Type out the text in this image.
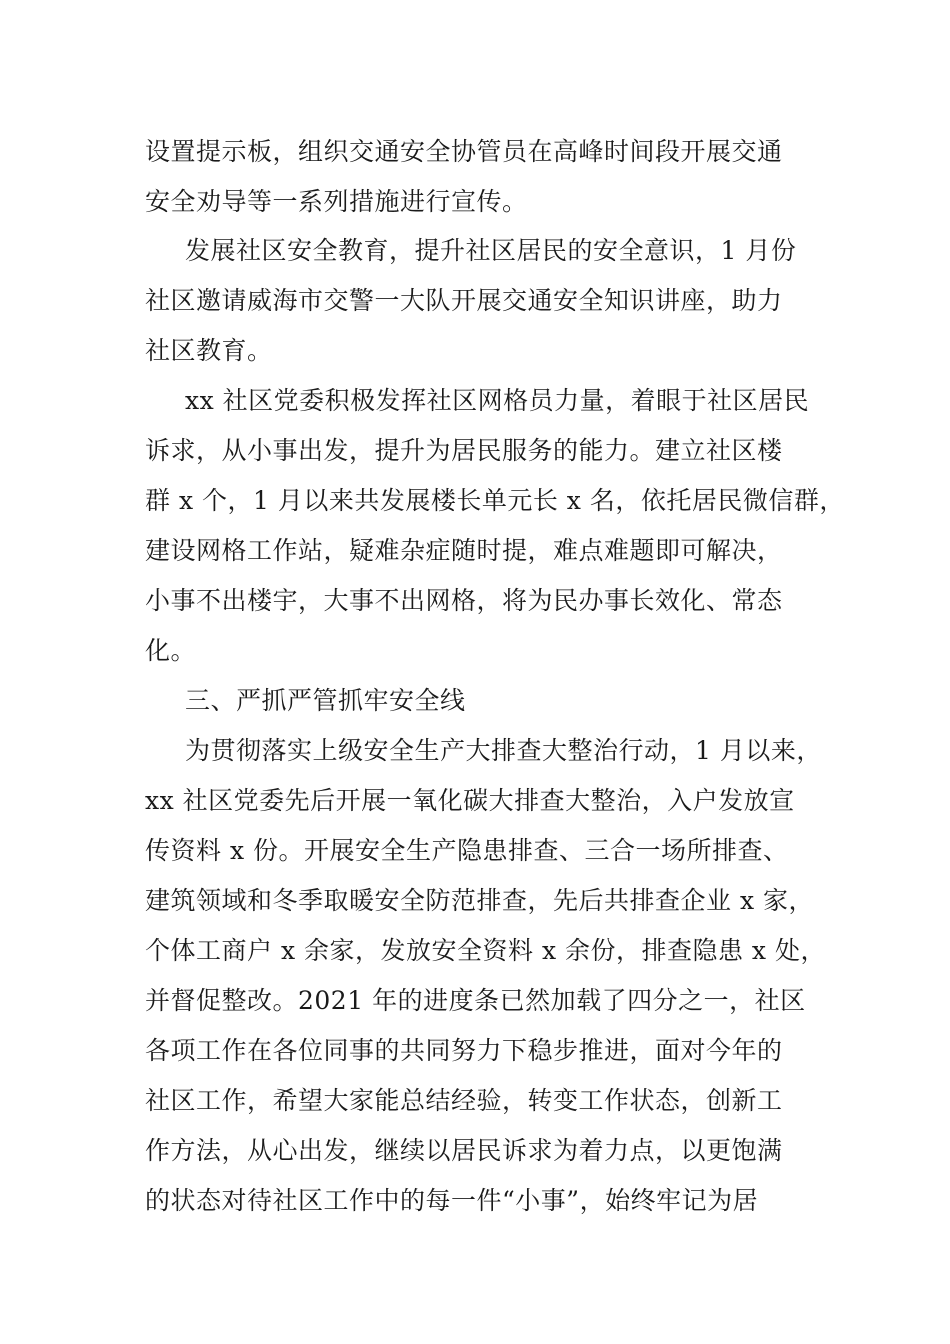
设置提示板，组织交通安全协管员在高峰时间段开展交通
安全劝导等一系列措施进行宣传。
发展社区安全教育，提升社区居民的安全意识，1 月份
社区邀请威海市交警一大队开展交通安全知识讲座，助力
社区教育。
xx 社区党委积极发挥社区网格员力量，着眼于社区居民
诉求，从小事出发，提升为居民服务的能力。建立社区楼
群 x 个，1 月以来共发展楼长单元长 x 名，依托居民微信群，
建设网格工作站，疑难杂症随时提，难点难题即可解决，
小事不出楼宇，大事不出网格，将为民办事长效化、常态
化。
三、严抓严管抓牢安全线
为贯彻落实上级安全生产大排查大整治行动，1 月以来，
xx 社区党委先后开展一氧化碳大排查大整治，入户发放宣
传资料 x 份。开展安全生产隐患排查、三合一场所排查、
建筑领域和冬季取暖安全防范排查，先后共排查企业 x 家，
个体工商户 x 余家，发放安全资料 x 余份，排查隐患 x 处，
并督促整改。2021 年的进度条已然加载了四分之一，社区
各项工作在各位同事的共同努力下稳步推进，面对今年的
社区工作，希望大家能总结经验，转变工作状态，创新工
作方法，从心出发，继续以居民诉求为着力点，以更饱满
的状态对待社区工作中的每一件“小事”，始终牢记为居
